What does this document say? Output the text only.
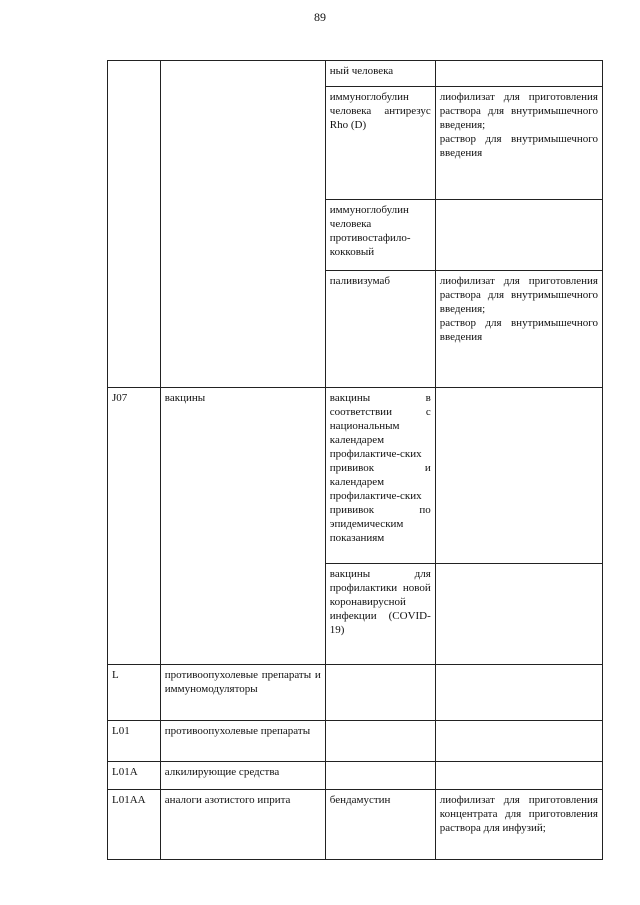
89
		ный человека	
		иммуноглобулин человека антирезус Rho (D)	лиофилизат для приготовления раствора для внутримышечного введения;
раствор для внутримышечного введения

		иммуноглобулин человека противостафило-кокковый	
		паливизумаб	лиофилизат для приготовления раствора для внутримышечного введения;
раствор для внутримышечного введения

J07	вакцины	вакцины в соответствии с национальным календарем профилактиче-ских прививок и календарем профилактиче-ских прививок по эпидемическим показаниям	
		вакцины для профилактики новой коронавирусной инфекции (COVID-19)	
L	противоопухолевые препараты и иммуномодуляторы		
L01	противоопухолевые препараты		
L01A	алкилирующие средства		
L01AA	аналоги азотистого иприта	бендамустин	лиофилизат для приготовления концентрата для приготовления раствора для инфузий;
